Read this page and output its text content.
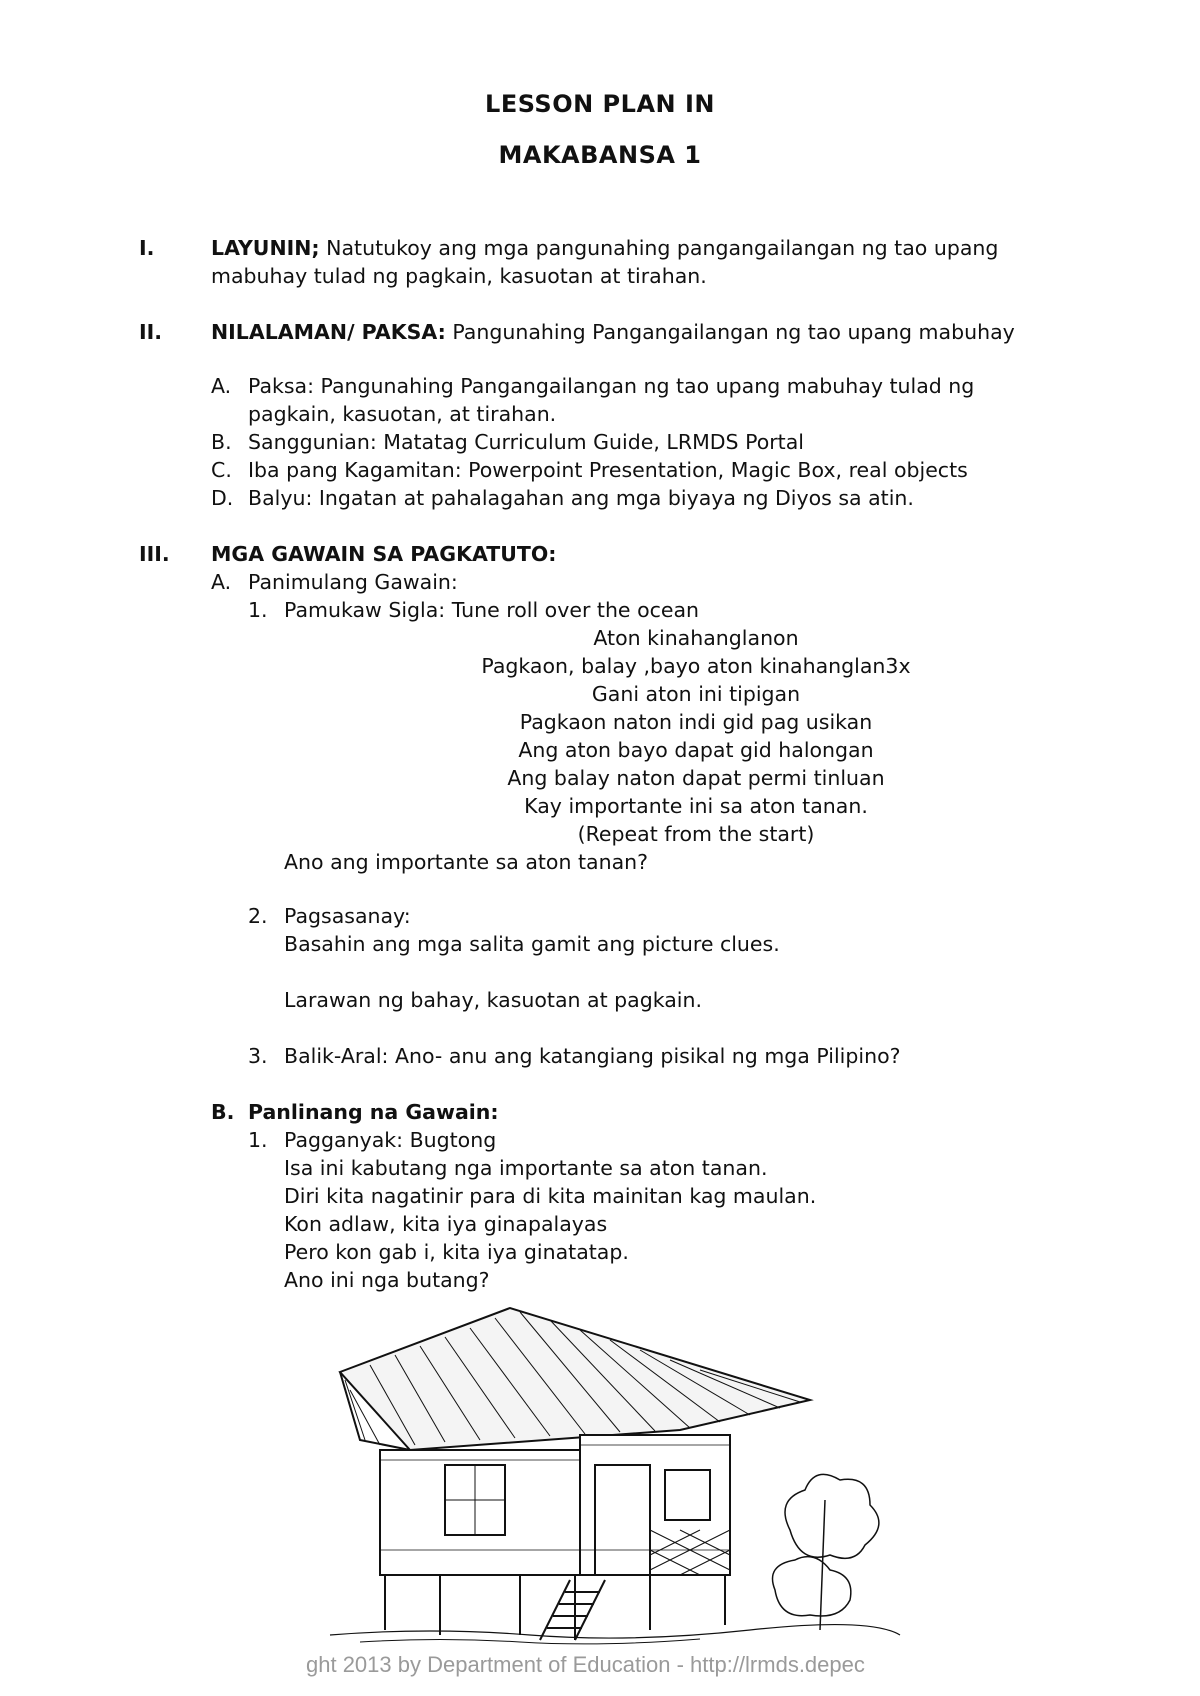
LESSON PLAN IN
MAKABANSA 1
I.	LAYUNIN; Natutukoy ang mga pangunahing pangangailangan ng tao upang
mabuhay tulad ng pagkain, kasuotan at tirahan.
II. NILALAMAN/ PAKSA: Pangunahing Pangangailangan ng tao upang mabuhay
A. Paksa: Pangunahing Pangangailangan ng tao upang mabuhay tulad ng
pagkain, kasuotan, at tirahan.
B. Sanggunian: Matatag Curriculum Guide, LRMDS Portal
C. Iba pang Kagamitan: Powerpoint Presentation, Magic Box, real objects
D. Balyu: Ingatan at pahalagahan ang mga biyaya ng Diyos sa atin.
III. MGA GAWAIN SA PAGKATUTO:
A. Panimulang Gawain:
1. Pamukaw Sigla: Tune roll over the ocean
Aton kinahanglanon
Pagkaon, balay ,bayo aton kinahanglan3x
Gani aton ini tipigan
Pagkaon naton indi gid pag usikan
Ang aton bayo dapat gid halongan
Ang balay naton dapat permi tinluan
Kay importante ini sa aton tanan.
(Repeat from the start)
Ano ang importante sa aton tanan?
2. Pagsasanay:
Basahin ang mga salita gamit ang picture clues.
Larawan ng bahay, kasuotan at pagkain.
3. Balik-Aral: Ano- anu ang katangiang pisikal ng mga Pilipino?
B. Panlinang na Gawain:
1. Pagganyak: Bugtong
Isa ini kabutang nga importante sa aton tanan.
Diri kita nagatinir para di kita mainitan kag maulan.
Kon adlaw, kita iya ginapalayas
Pero kon gab i, kita iya ginatatap.
Ano ini nga butang?
ght 2013 by Department of Education - http://lrmds.depec
